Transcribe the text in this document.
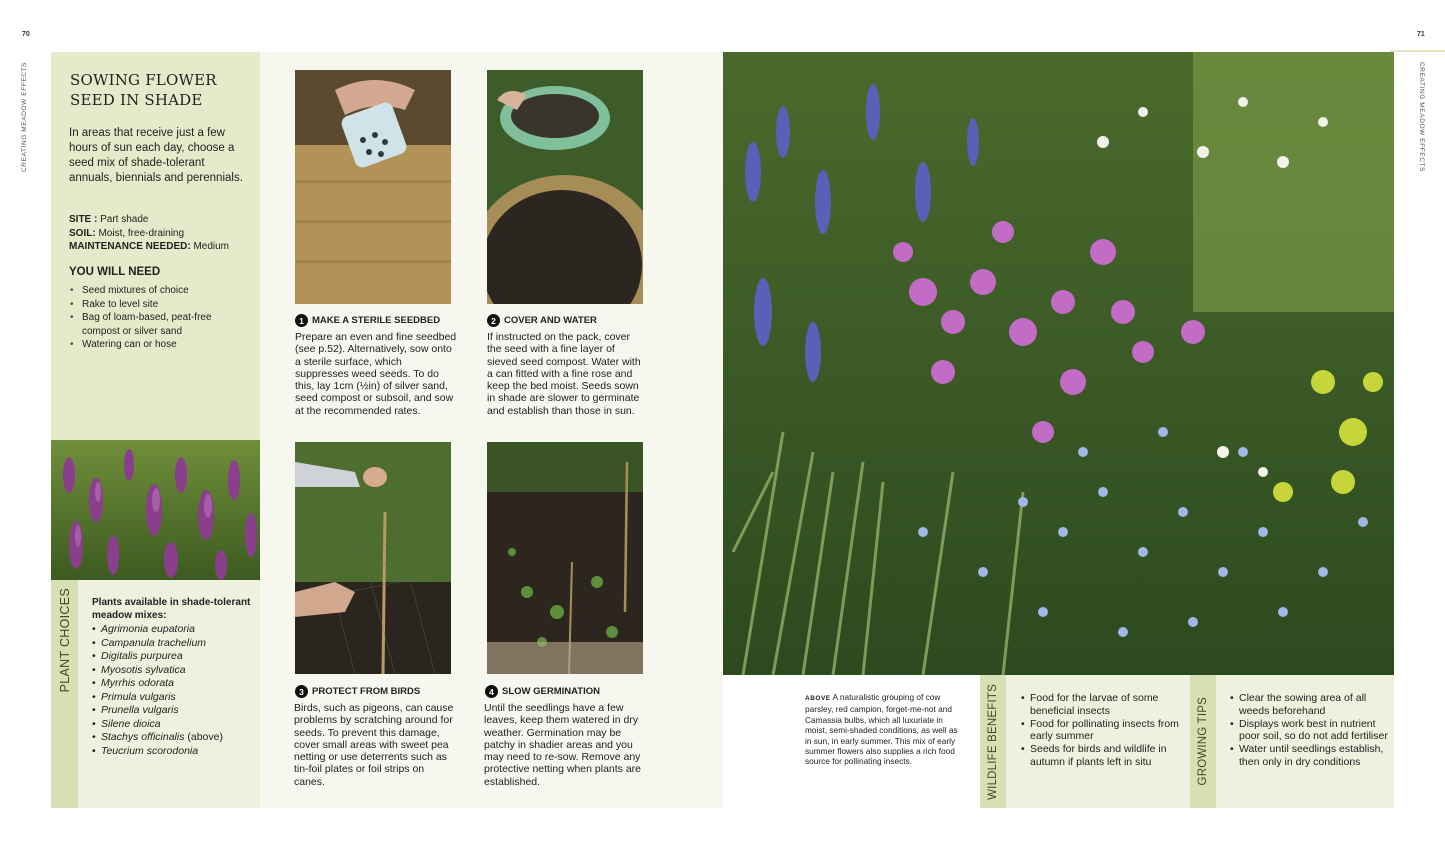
70	71
CREATING MEADOW EFFECTS	CREATING MEADOW EFFECTS
SOWING FLOWER SEED IN SHADE
In areas that receive just a few hours of sun each day, choose a seed mix of shade-tolerant annuals, biennials and perennials.
SITE : Part shade
SOIL: Moist, free-draining
MAINTENANCE NEEDED: Medium
YOU WILL NEED
• Seed mixtures of choice
• Rake to level site
• Bag of loam-based, peat-free compost or silver sand
• Watering can or hose
PLANT CHOICES Plants available in shade-tolerant meadow mixes:
• Agrimonia eupatoria
• Campanula trachelium
• Digitalis purpurea
• Myosotis sylvatica
• Myrrhis odorata
• Primula vulgaris
• Prunella vulgaris
• Silene dioica
• Stachys officinalis (above)
• Teucrium scorodonia
1 MAKE A STERILE SEEDBED
Prepare an even and fine seedbed (see p.52). Alternatively, sow onto a sterile surface, which suppresses weed seeds. To do this, lay 1cm (½in) of silver sand, seed compost or subsoil, and sow at the recommended rates.
2 COVER AND WATER
If instructed on the pack, cover the seed with a fine layer of sieved seed compost. Water with a can fitted with a fine rose and keep the bed moist. Seeds sown in shade are slower to germinate and establish than those in sun.
3 PROTECT FROM BIRDS
Birds, such as pigeons, can cause problems by scratching around for seeds. To prevent this damage, cover small areas with sweet pea netting or use deterrents such as tin-foil plates or foil strips on canes.
4 SLOW GERMINATION
Until the seedlings have a few leaves, keep them watered in dry weather. Germination may be patchy in shadier areas and you may need to re-sow. Remove any protective netting when plants are established.
ABOVE A naturalistic grouping of cow parsley, red campion, forget-me-not and Camassia bulbs, which all luxuriate in moist, semi-shaded conditions, as well as in sun, in early summer. This mix of early summer flowers also supplies a rich food source for pollinating insects.	WILDLIFE BENEFITS	• Food for the larvae of some beneficial insects
• Food for pollinating insects from early summer
• Seeds for birds and wildlife in autumn if plants left in situ	GROWING TIPS	• Clear the sowing area of all weeds beforehand
• Displays work best in nutrient poor soil, so do not add fertiliser
• Water until seedlings establish, then only in dry conditions
